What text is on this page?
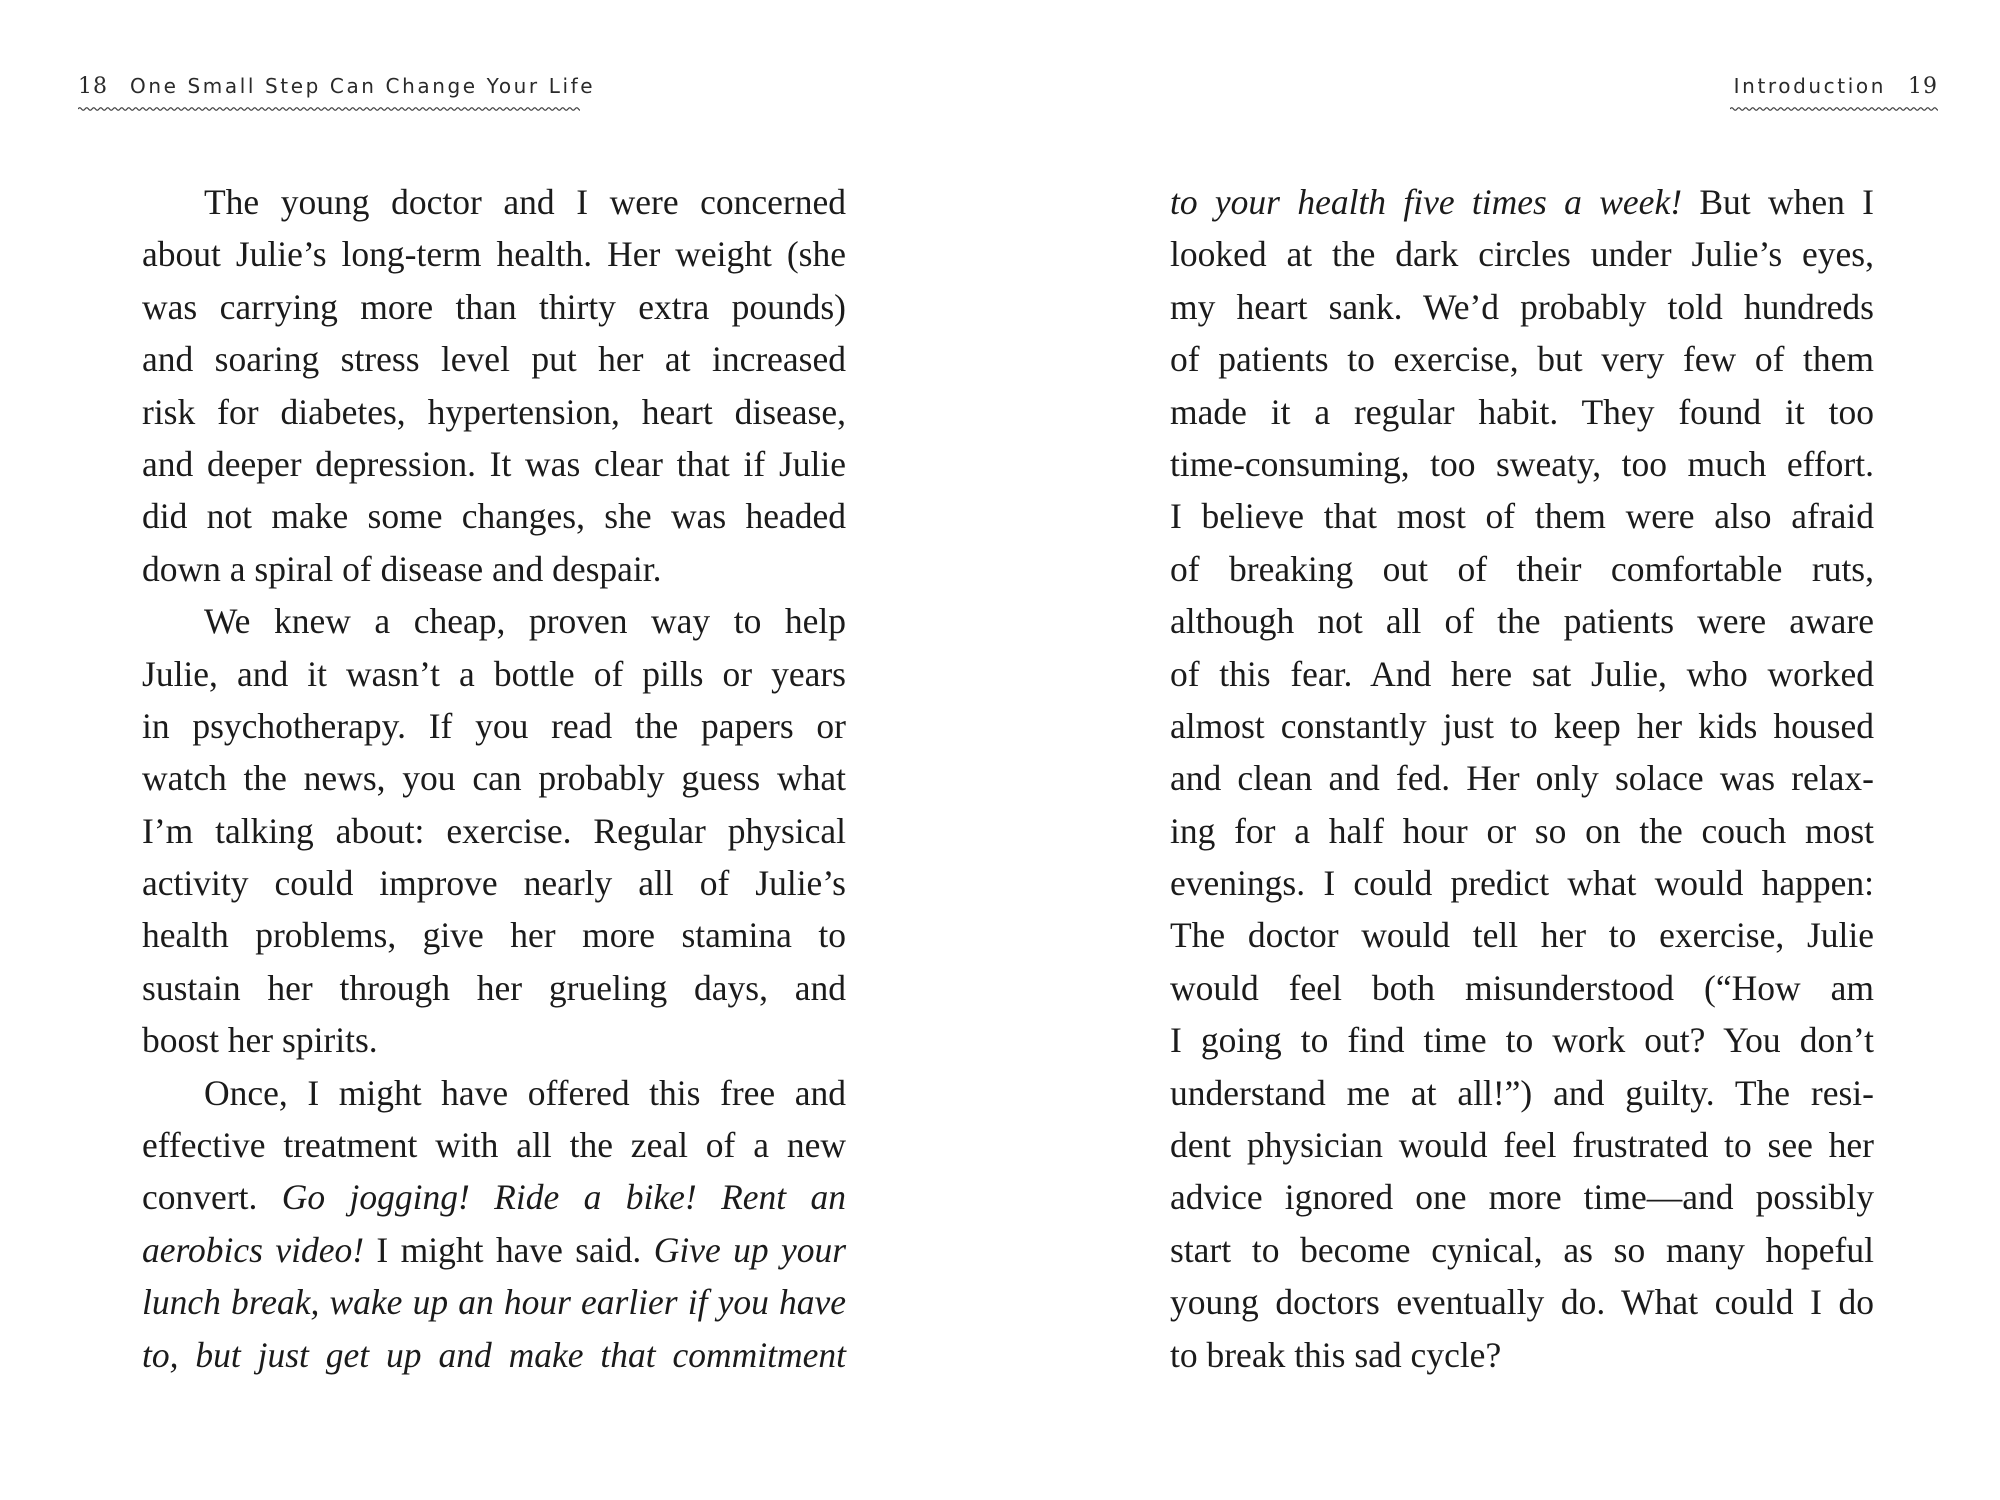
18 One Small Step Can Change Your Life
The young doctor and I were concerned
about Julie’s long-term health. Her weight (she
was carrying more than thirty extra pounds)
and soaring stress level put her at increased
risk for diabetes, hypertension, heart disease,
and deeper depression. It was clear that if Julie
did not make some changes, she was headed
down a spiral of disease and despair.
We knew a cheap, proven way to help
Julie, and it wasn’t a bottle of pills or years
in psychotherapy. If you read the papers or
watch the news, you can probably guess what
I’m talking about: exercise. Regular physical
activity could improve nearly all of Julie’s
health problems, give her more stamina to
sustain her through her grueling days, and
boost her spirits.
Once, I might have offered this free and
effective treatment with all the zeal of a new
convert. Go jogging! Ride a bike! Rent an
aerobics video! I might have said. Give up your
lunch break, wake up an hour earlier if you have
to, but just get up and make that commitment
Introduction 19
to your health five times a week! But when I
looked at the dark circles under Julie’s eyes,
my heart sank. We’d probably told hundreds
of patients to exercise, but very few of them
made it a regular habit. They found it too
time-consuming, too sweaty, too much effort.
I believe that most of them were also afraid
of breaking out of their comfortable ruts,
although not all of the patients were aware
of this fear. And here sat Julie, who worked
almost constantly just to keep her kids housed
and clean and fed. Her only solace was relax-
ing for a half hour or so on the couch most
evenings. I could predict what would happen:
The doctor would tell her to exercise, Julie
would feel both misunderstood (“How am
I going to find time to work out? You don’t
understand me at all!”) and guilty. The resi-
dent physician would feel frustrated to see her
advice ignored one more time—and possibly
start to become cynical, as so many hopeful
young doctors eventually do. What could I do
to break this sad cycle?
